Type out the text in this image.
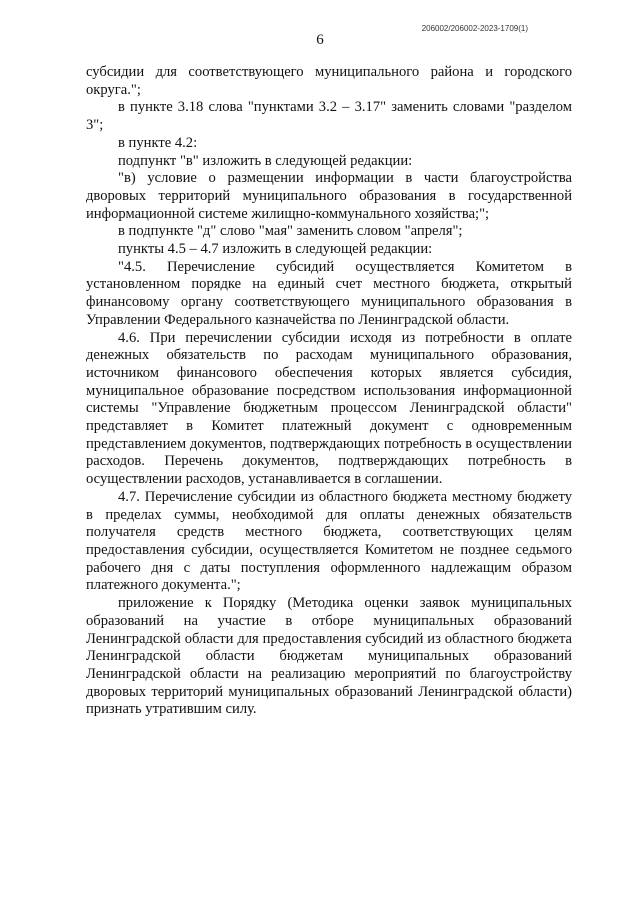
206002/206002-2023-1709(1)
6

субсидии для соответствующего муниципального района и городского округа.";

в пункте 3.18 слова "пунктами 3.2 – 3.17" заменить словами "разделом 3";

в пункте 4.2:

подпункт "в" изложить в следующей редакции:

"в) условие о размещении информации в части благоустройства дворовых территорий муниципального образования в государственной информационной системе жилищно-коммунального хозяйства;";

в подпункте "д" слово "мая" заменить словом "апреля";

пункты 4.5 – 4.7 изложить в следующей редакции:

"4.5. Перечисление субсидий осуществляется Комитетом в установленном порядке на единый счет местного бюджета, открытый финансовому органу соответствующего муниципального образования в Управлении Федерального казначейства по Ленинградской области.

4.6. При перечислении субсидии исходя из потребности в оплате денежных обязательств по расходам муниципального образования, источником финансового обеспечения которых является субсидия, муниципальное образование посредством использования информационной системы "Управление бюджетным процессом Ленинградской области" представляет в Комитет платежный документ с одновременным представлением документов, подтверждающих потребность в осуществлении расходов. Перечень документов, подтверждающих потребность в осуществлении расходов, устанавливается в соглашении.

4.7. Перечисление субсидии из областного бюджета местному бюджету в пределах суммы, необходимой для оплаты денежных обязательств получателя средств местного бюджета, соответствующих целям предоставления субсидии, осуществляется Комитетом не позднее седьмого рабочего дня с даты поступления оформленного надлежащим образом платежного документа.";

приложение к Порядку (Методика оценки заявок муниципальных образований на участие в отборе муниципальных образований Ленинградской области для предоставления субсидий из областного бюджета Ленинградской области бюджетам муниципальных образований Ленинградской области на реализацию мероприятий по благоустройству дворовых территорий муниципальных образований Ленинградской области) признать утратившим силу.
